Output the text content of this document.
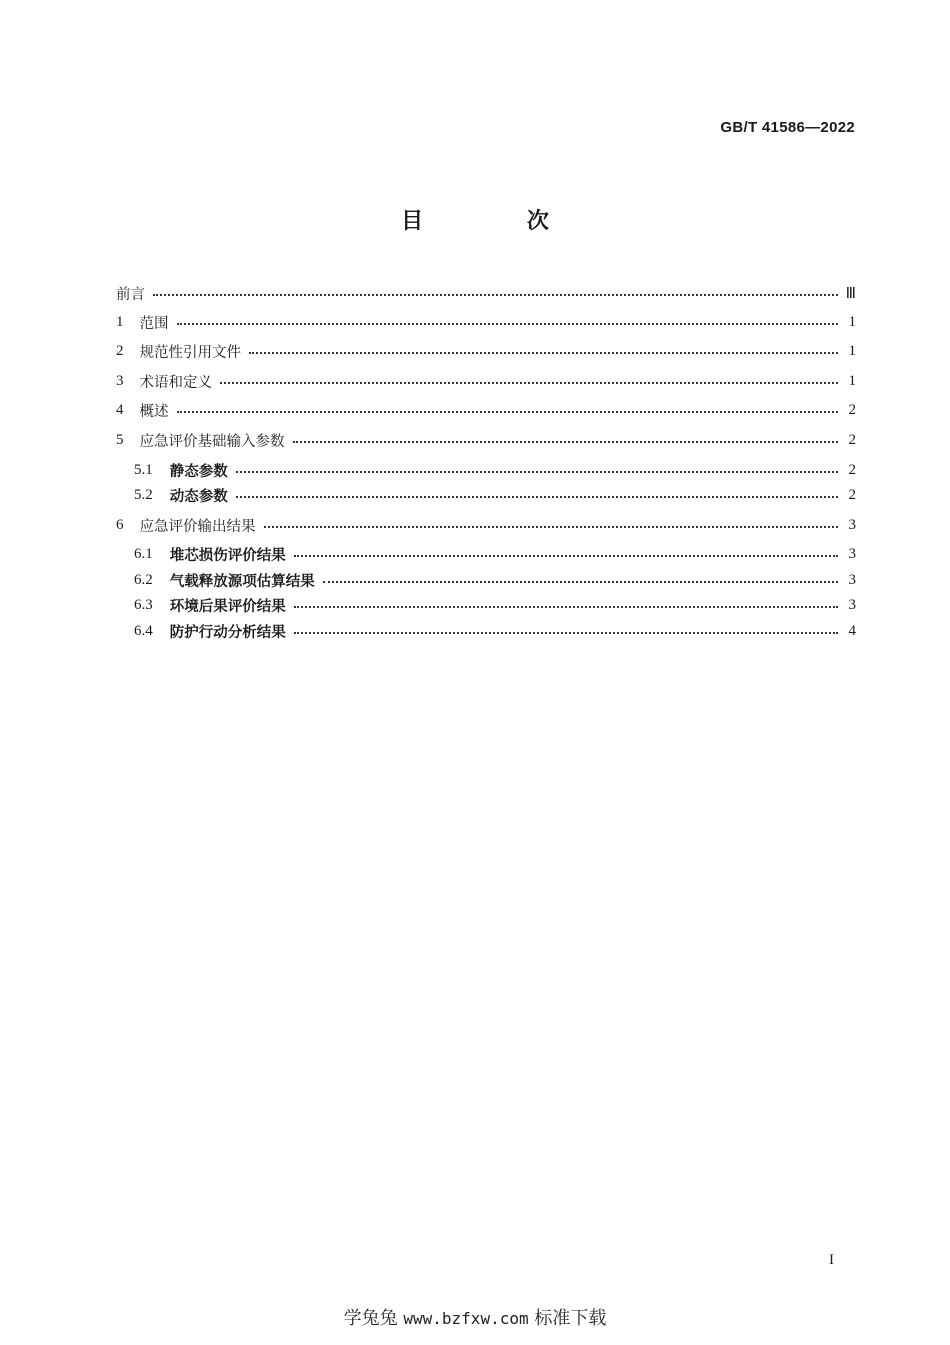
GB/T 41586—2022
目 次
前言	Ⅲ
1 范围	1
2 规范性引用文件	1
3 术语和定义	1
4 概述	2
5 应急评价基础输入参数	2
5.1 静态参数	2
5.2 动态参数	2
6 应急评价输出结果	3
6.1 堆芯损伤评价结果	3
6.2 气载释放源项估算结果	3
6.3 环境后果评价结果	3
6.4 防护行动分析结果	4
I
学兔兔 www.bzfxw.com 标准下载
